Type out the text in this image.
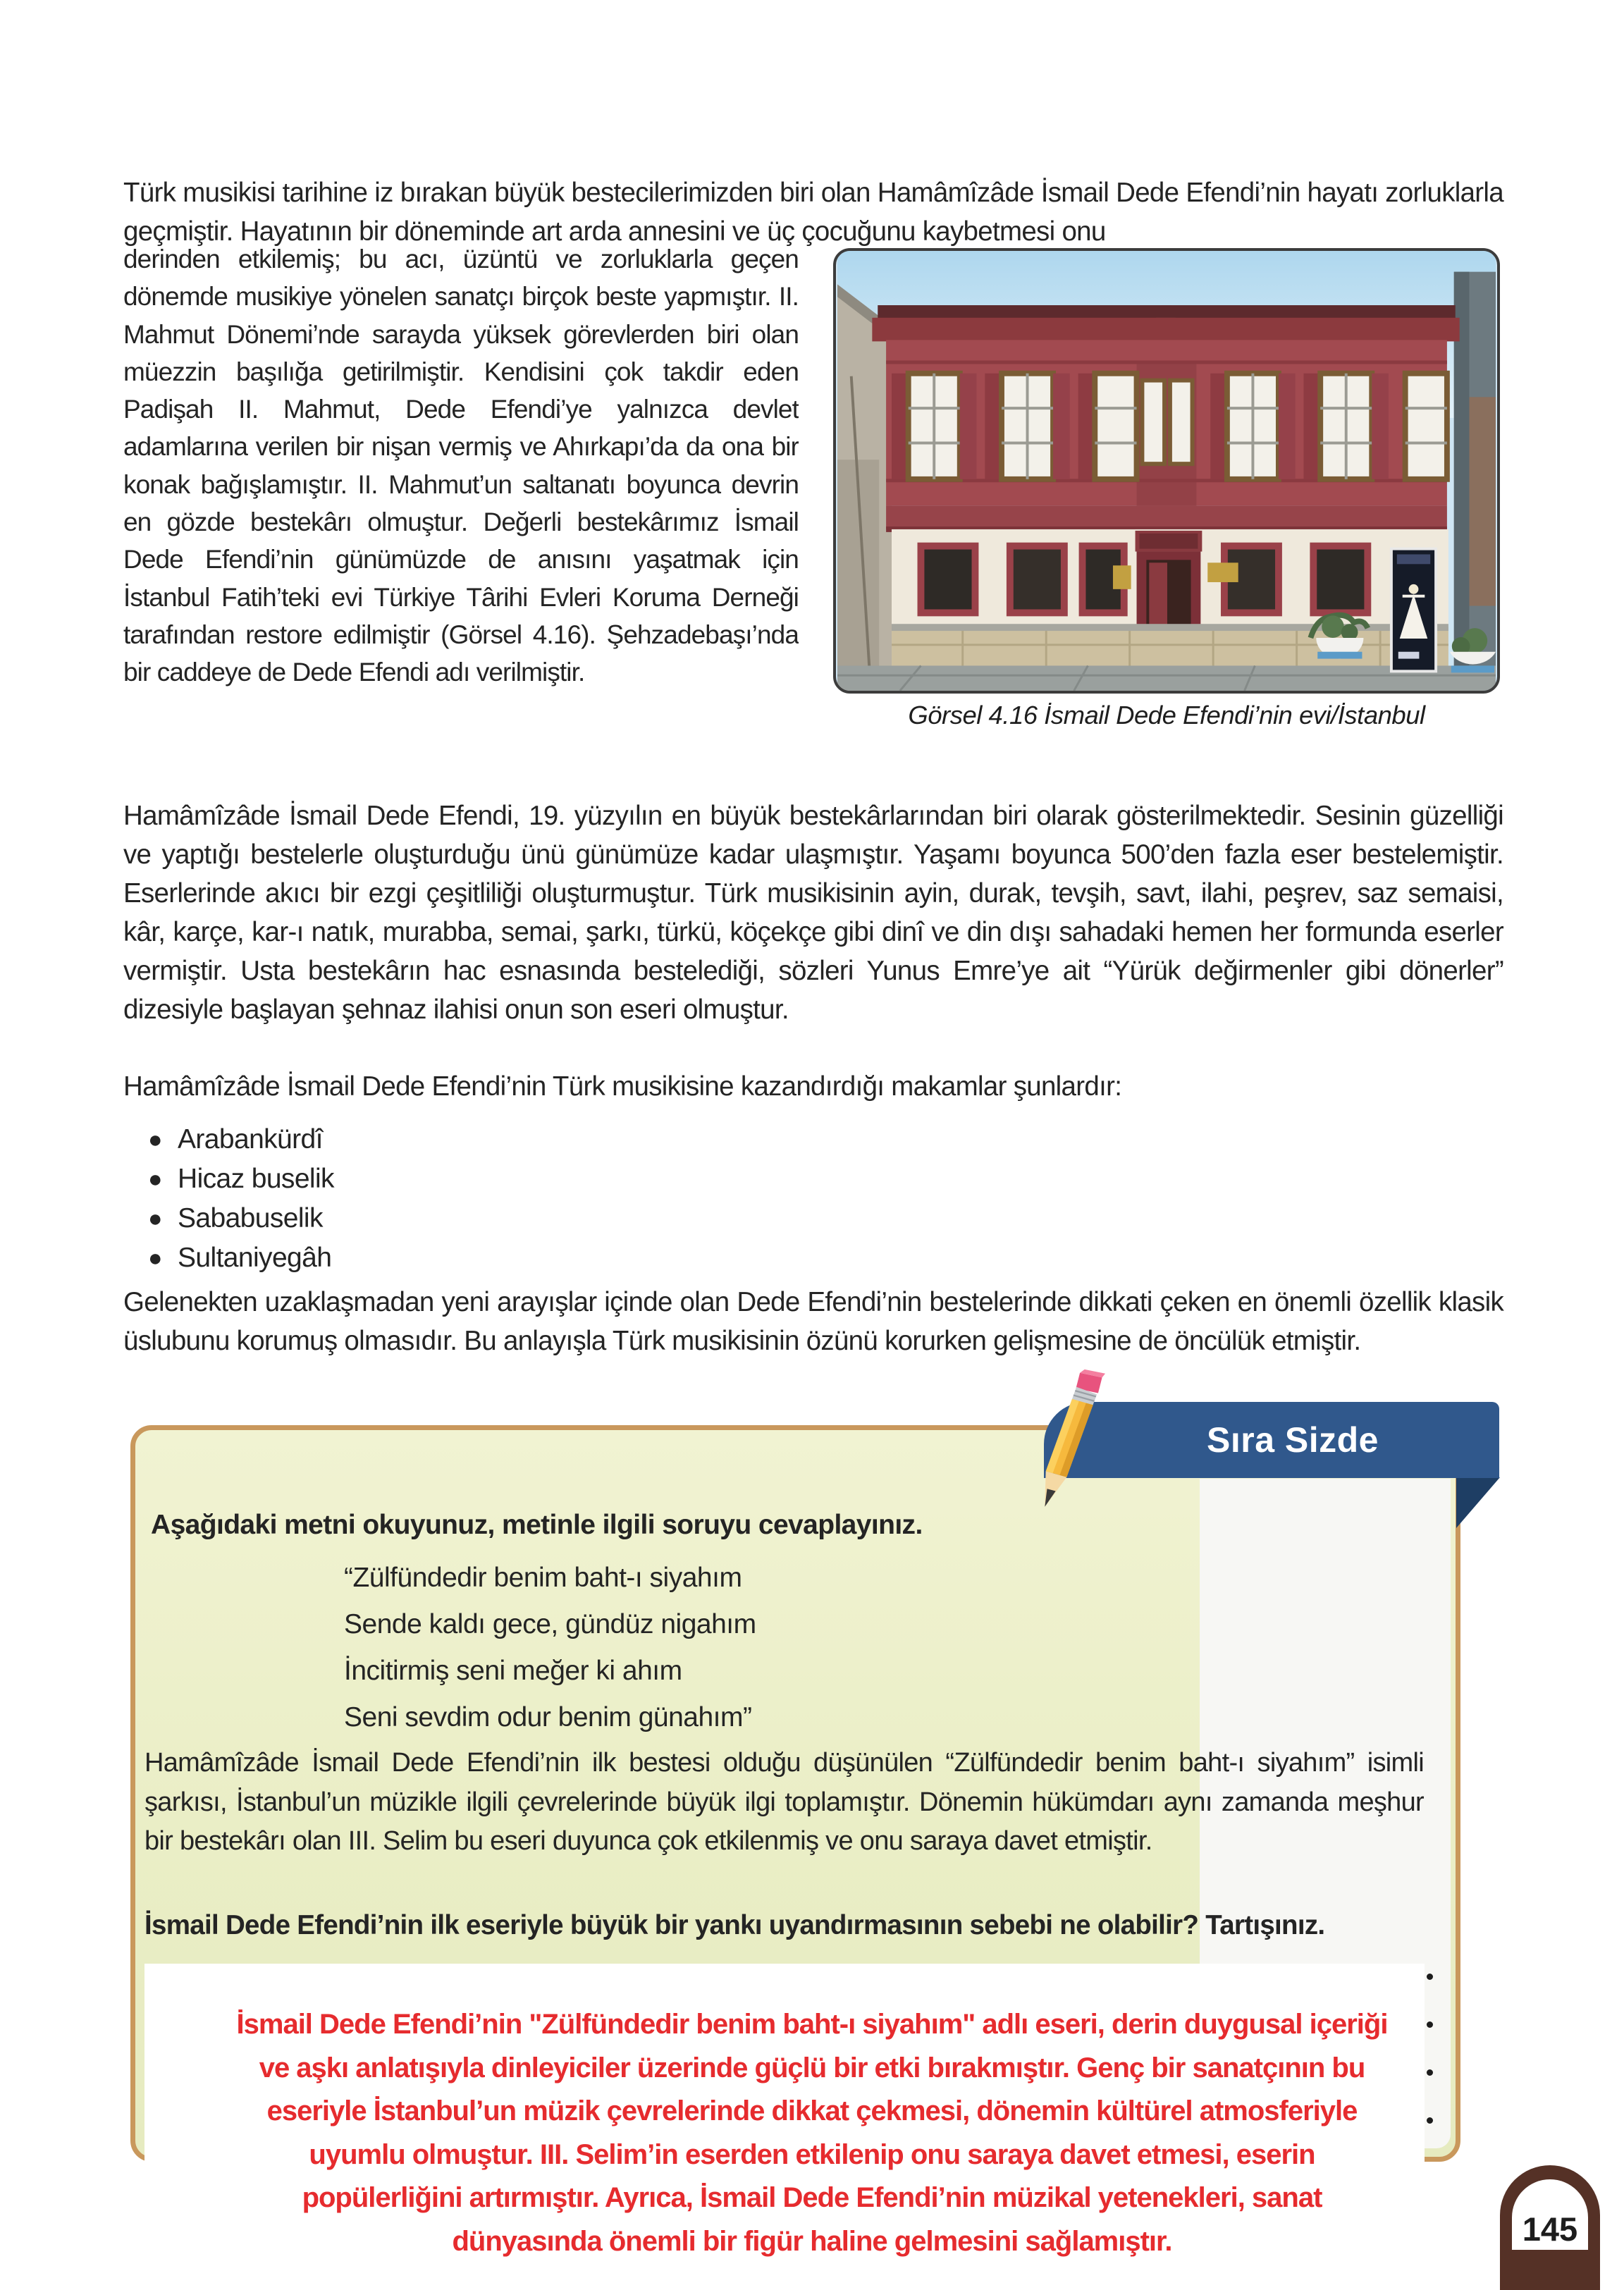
Türk musikisi tarihine iz bırakan büyük bestecilerimizden biri olan Hamâmîzâde İsmail Dede Efendi’nin hayatı zorluklarla geçmiştir. Hayatının bir döneminde art arda annesini ve üç çocuğunu kaybetmesi onu

derinden etkilemiş; bu acı, üzüntü ve zorluklarla geçen dönemde musikiye yönelen sanatçı birçok beste yapmıştır. II. Mahmut Dönemi’nde sarayda yüksek görevlerden biri olan müezzin başılığa getirilmiştir. Kendisini çok takdir eden Padişah II. Mahmut, Dede Efendi’ye yalnızca devlet adamlarına verilen bir nişan vermiş ve Ahırkapı’da da ona bir konak bağışlamıştır. II. Mahmut’un saltanatı boyunca devrin en gözde bestekârı olmuştur. Değerli bestekârımız İsmail Dede Efendi’nin günümüzde de anısını yaşatmak için İstanbul Fatih’teki evi Türkiye Târihi Evleri Koruma Derneği tarafından restore edilmiştir (Görsel 4.16). Şehzadebaşı’nda bir caddeye de Dede Efendi adı verilmiştir.

Görsel 4.16 İsmail Dede Efendi’nin evi/İstanbul

Hamâmîzâde İsmail Dede Efendi, 19. yüzyılın en büyük bestekârlarından biri olarak gösterilmektedir. Sesinin güzelliği ve yaptığı bestelerle oluşturduğu ünü günümüze kadar ulaşmıştır. Yaşamı boyunca 500’den fazla eser bestelemiştir. Eserlerinde akıcı bir ezgi çeşitliliği oluşturmuştur. Türk musikisinin ayin, durak, tevşih, savt, ilahi, peşrev, saz semaisi, kâr, karçe, kar-ı natık, murabba, semai, şarkı, türkü, köçekçe gibi dinî ve din dışı sahadaki hemen her formunda eserler vermiştir. Usta bestekârın hac esnasında bestelediği, sözleri Yunus Emre’ye ait “Yürük değirmenler gibi dönerler” dizesiyle başlayan şehnaz ilahisi onun son eseri olmuştur.

Hamâmîzâde İsmail Dede Efendi’nin Türk musikisine kazandırdığı makamlar şunlardır:

● Arabankürdî
● Hicaz buselik
● Sababuselik
● Sultaniyegâh

Gelenekten uzaklaşmadan yeni arayışlar içinde olan Dede Efendi’nin bestelerinde dikkati çeken en önemli özellik klasik üslubunu korumuş olmasıdır. Bu anlayışla Türk musikisinin özünü korurken gelişmesine de öncülük etmiştir.

Sıra Sizde
Aşağıdaki metni okuyunuz, metinle ilgili soruyu cevaplayınız.
“Zülfündedir benim baht-ı siyahım
Sende kaldı gece, gündüz nigahım
İncitirmiş seni meğer ki ahım
Seni sevdim odur benim günahım”

Hamâmîzâde İsmail Dede Efendi’nin ilk bestesi olduğu düşünülen “Zülfündedir benim baht-ı siyahım” isimli şarkısı, İstanbul’un müzikle ilgili çevrelerinde büyük ilgi toplamıştır. Dönemin hükümdarı aynı zamanda meşhur bir bestekârı olan III. Selim bu eseri duyunca çok etkilenmiş ve onu saraya davet etmiştir.

İsmail Dede Efendi’nin ilk eseriyle büyük bir yankı uyandırmasının sebebi ne olabilir? Tartışınız.

İsmail Dede Efendi’nin "Zülfündedir benim baht-ı siyahım" adlı eseri, derin duygusal içeriği
ve aşkı anlatışıyla dinleyiciler üzerinde güçlü bir etki bırakmıştır. Genç bir sanatçının bu
eseriyle İstanbul’un müzik çevrelerinde dikkat çekmesi, dönemin kültürel atmosferiyle
uyumlu olmuştur. III. Selim’in eserden etkilenip onu saraya davet etmesi, eserin
popülerliğini artırmıştır. Ayrıca, İsmail Dede Efendi’nin müzikal yetenekleri, sanat
dünyasında önemli bir figür haline gelmesini sağlamıştır.	145
